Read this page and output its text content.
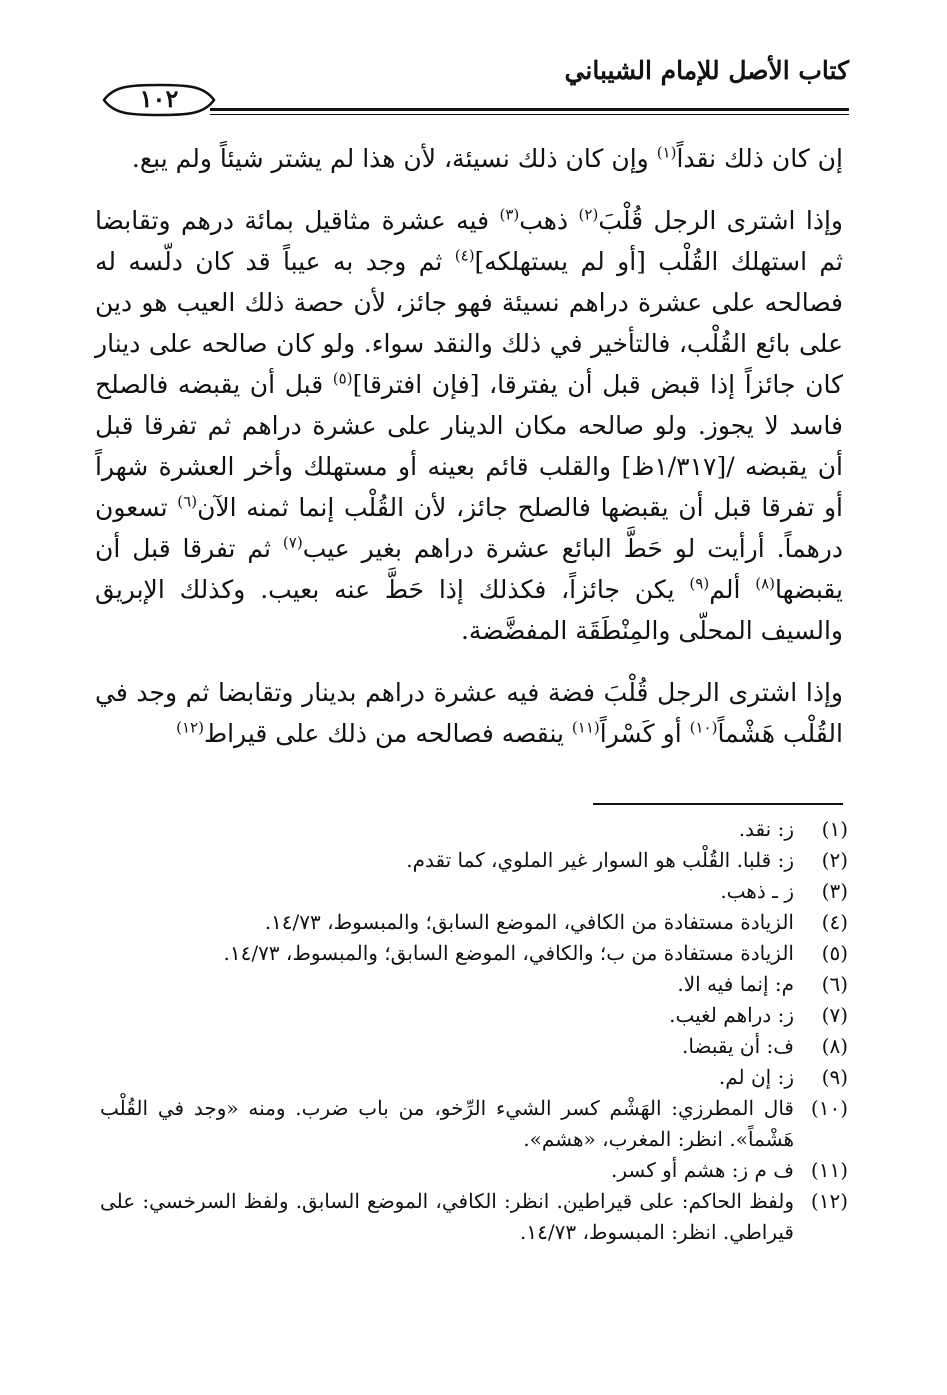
كتاب الأصل للإمام الشيباني
١٠٢

إن كان ذلك نقداً$^{(١)}$ وإن كان ذلك نسيئة، لأن هذا لم يشتر شيئاً ولم يبع.

وإذا اشترى الرجل قُلْبَ$^{(٢)}$ ذهب$^{(٣)}$ فيه عشرة مثاقيل بمائة درهم وتقابضا ثم استهلك القُلْب [أو لم يستهلكه]$^{(٤)}$ ثم وجد به عيباً قد كان دلّسه له فصالحه على عشرة دراهم نسيئة فهو جائز، لأن حصة ذلك العيب هو دين على بائع القُلْب، فالتأخير في ذلك والنقد سواء. ولو كان صالحه على دينار كان جائزاً إذا قبض قبل أن يفترقا، [فإن افترقا]$^{(٥)}$ قبل أن يقبضه فالصلح فاسد لا يجوز. ولو صالحه مكان الدينار على عشرة دراهم ثم تفرقا قبل أن يقبضه /[١/٣١٧ظ] والقلب قائم بعينه أو مستهلك وأخر العشرة شهراً أو تفرقا قبل أن يقبضها فالصلح جائز، لأن القُلْب إنما ثمنه الآن$^{(٦)}$ تسعون درهماً. أرأيت لو حَطَّ البائع عشرة دراهم بغير عيب$^{(٧)}$ ثم تفرقا قبل أن يقبضها$^{(٨)}$ ألم$^{(٩)}$ يكن جائزاً، فكذلك إذا حَطَّ عنه بعيب. وكذلك الإبريق والسيف المحلّى والمِنْطَقَة المفضَّضة.

وإذا اشترى الرجل قُلْبَ فضة فيه عشرة دراهم بدينار وتقابضا ثم وجد في القُلْب هَشْماً$^{(١٠)}$ أو كَسْراً$^{(١١)}$ ينقصه فصالحه من ذلك على قيراط$^{(١٢)}$

(١)
ز: نقد.
(٢)
ز: قلبا. القُلْب هو السوار غير الملوي، كما تقدم.
(٣)
ز ـ ذهب.
(٤)
الزيادة مستفادة من الكافي، الموضع السابق؛ والمبسوط، ١٤/٧٣.
(٥)
الزيادة مستفادة من ب؛ والكافي، الموضع السابق؛ والمبسوط، ١٤/٧٣.
(٦)
م: إنما فيه الا.
(٧)
ز: دراهم لغيب.
(٨)
ف: أن يقبضا.
(٩)
ز: إن لم.
(١٠)
قال المطرزي: الهَشْم كسر الشيء الرِّخو، من باب ضرب. ومنه «وجد في القُلْب هَشْماً». انظر: المغرب، «هشم».
(١١)
ف م ز: هشم أو كسر.
(١٢)
ولفظ الحاكم: على قيراطين. انظر: الكافي، الموضع السابق. ولفظ السرخسي: على قيراطي. انظر: المبسوط، ١٤/٧٣.
